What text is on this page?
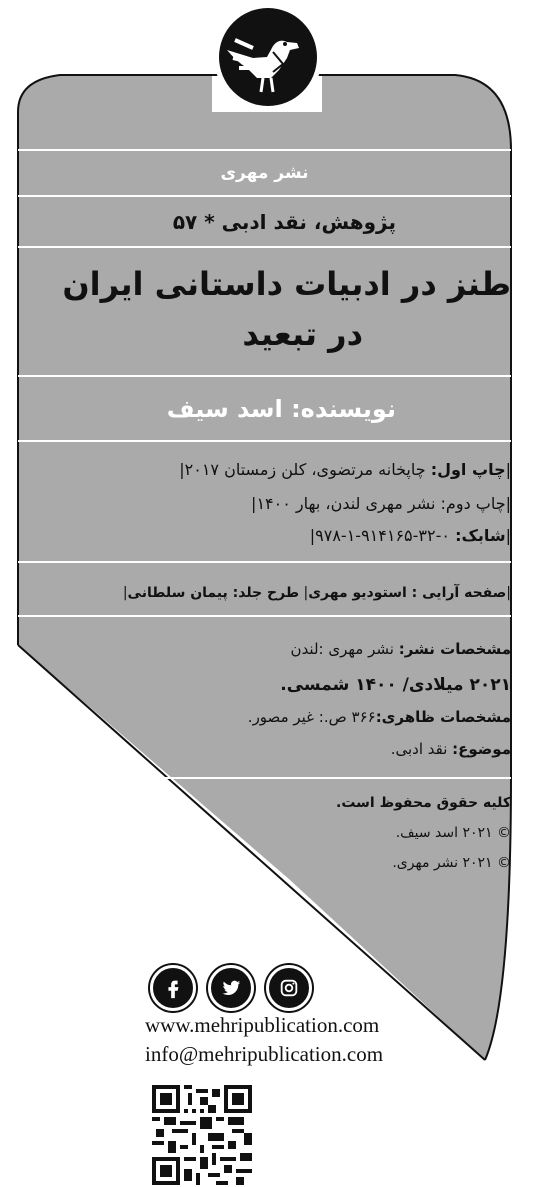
نشر مهری
پژوهش، نقد ادبی * ۵۷
طنز در ادبیات داستانی ایران
در تبعید
نویسنده: اسد سیف
|چاپ اول: چاپخانه مرتضوی، کلن زمستان ۲۰۱۷|
|چاپ دوم: نشر مهری لندن، بهار ۱۴۰۰|
|شابک: ۰-۳۲-۹۱۴۱۶۵-۱-۹۷۸|
|صفحه آرایی : استودیو مهری| طرح جلد: پیمان سلطانی|
مشخصات نشر: نشر مهری :لندن
۲۰۲۱ میلادی/ ۱۴۰۰ شمسی.
مشخصات ظاهری:۳۶۶ ص.: غیر مصور.
موضوع: نقد ادبی.
کلیه حقوق محفوظ است.
© ۲۰۲۱ اسد سیف.
© ۲۰۲۱ نشر مهری.
www.mehripublication.com
info@mehripublication.com
